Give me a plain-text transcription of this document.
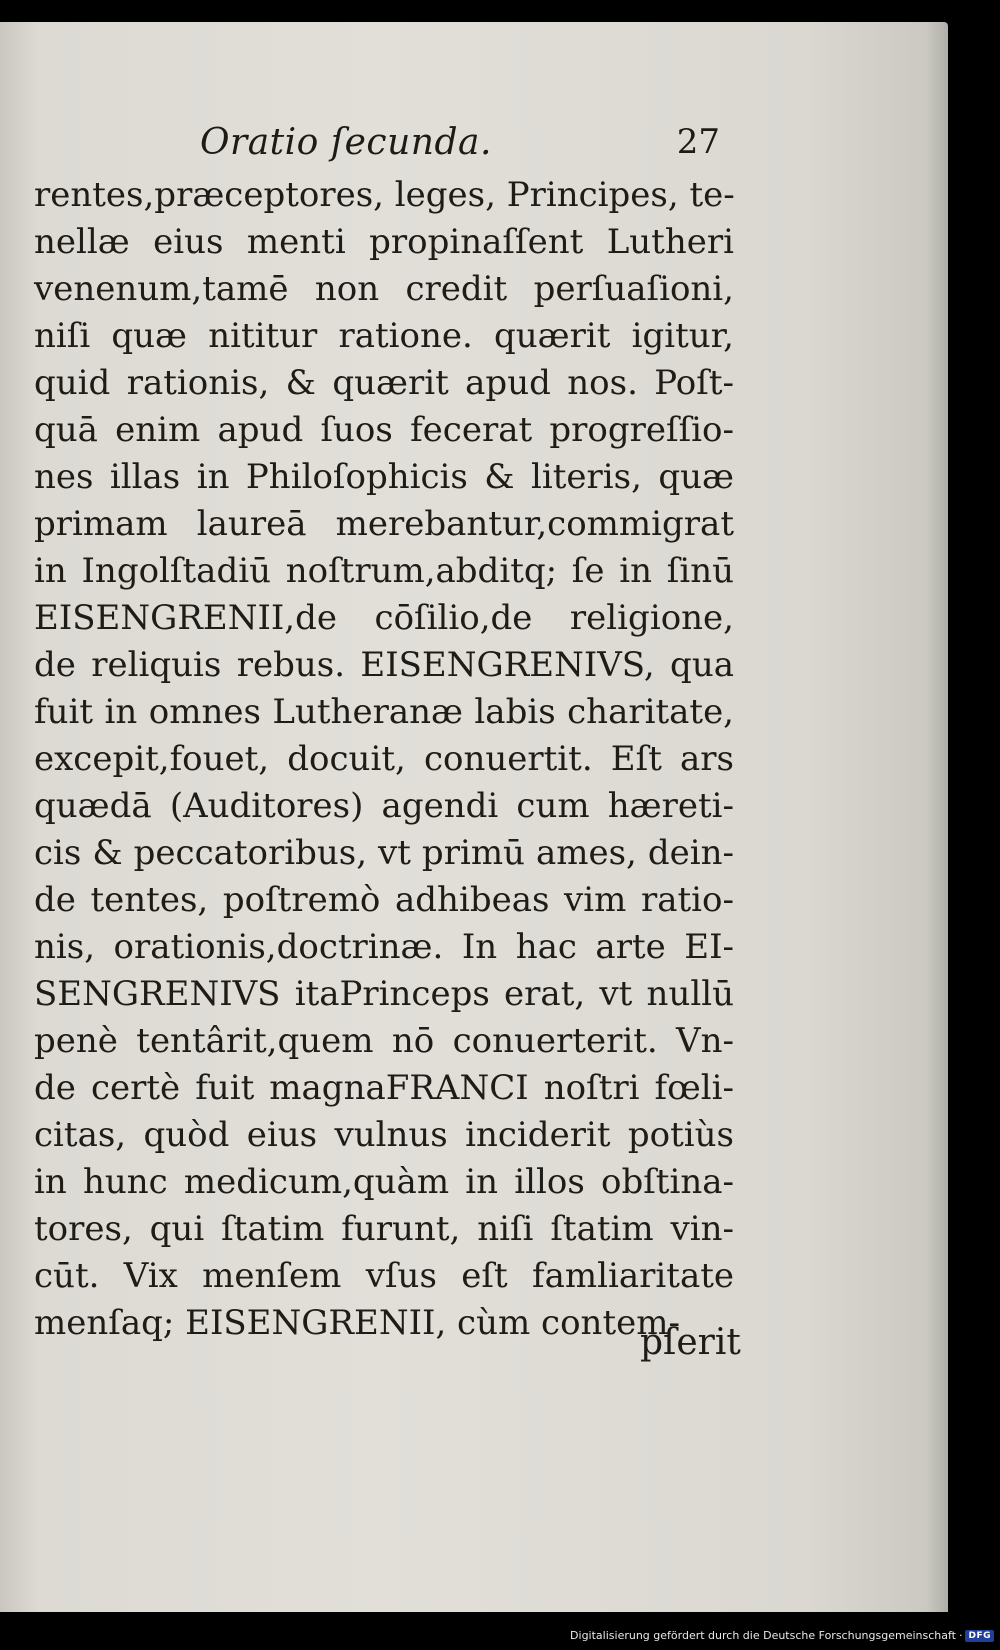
Oratio ſecunda.	27
rentes,præceptores, leges, Principes, te-
nellæ eius menti propinaſſent Lutheri
venenum,tamē non credit perſuaſioni,
niſi quæ nititur ratione. quærit igitur,
quid rationis, & quærit apud nos. Poſt-
quā enim apud ſuos fecerat progreſſio-
nes illas in Philoſophicis & literis, quæ
primam laureā merebantur,commigrat
in Ingolſtadiū noſtrum,abditq; ſe in ſinū
EISENGRENII,de cōſilio,de religione,
de reliquis rebus. EISENGRENIVS, qua
fuit in omnes Lutheranæ labis charitate,
excepit,fouet, docuit, conuertit. Eſt ars
quædā (Auditores) agendi cum hæreti-
cis & peccatoribus, vt primū ames, dein-
de tentes, poſtremò adhibeas vim ratio-
nis, orationis,doctrinæ. In hac arte EI-
SENGRENIVS itaPrinceps erat, vt nullū
penè tentârit,quem nō conuerterit. Vn-
de certè fuit magnaFRANCI noſtri fœli-
citas, quòd eius vulnus inciderit potiùs
in hunc medicum,quàm in illos obſtina-
tores, qui ſtatim furunt, niſi ſtatim vin-
cūt. Vix menſem vſus eſt famliaritate
menſaq; EISENGRENII, cùm contem-
pſerit
Digitalisierung gefördert durch die Deutsche Forschungsgemeinschaft · DFG
